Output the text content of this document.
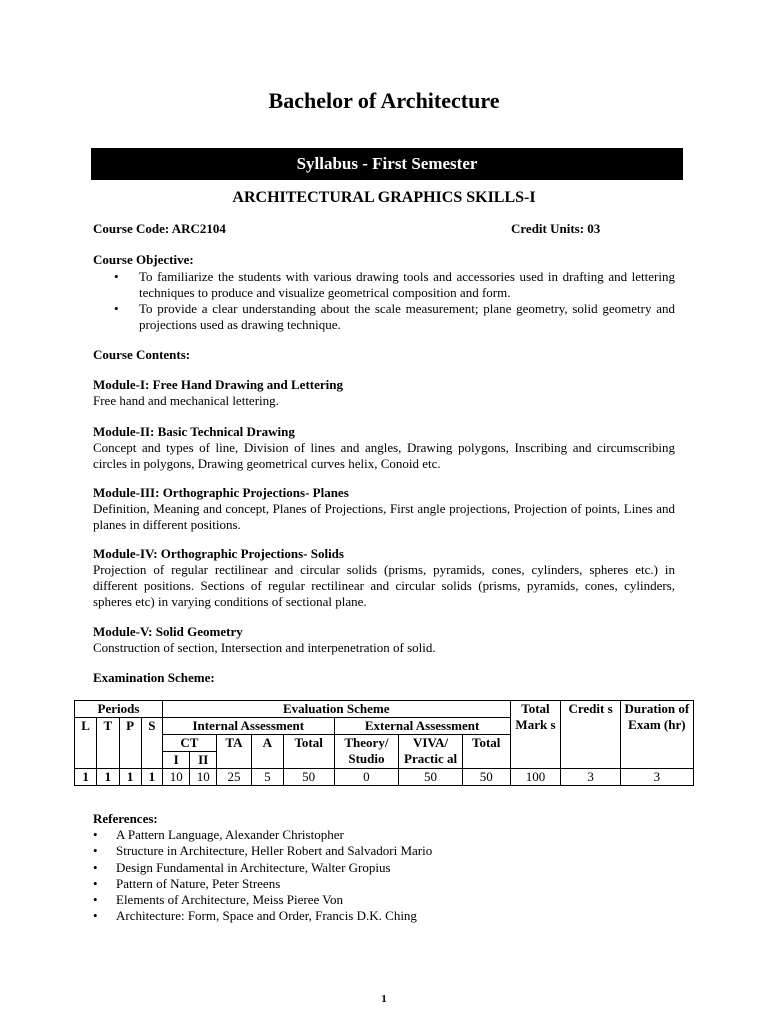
Bachelor of Architecture
Syllabus - First Semester
ARCHITECTURAL GRAPHICS SKILLS-I
Course Code: ARC2104	Credit Units: 03
Course Objective:
• To familiarize the students with various drawing tools and accessories used in drafting and lettering techniques to produce and visualize geometrical composition and form.
• To provide a clear understanding about the scale measurement; plane geometry, solid geometry and projections used as drawing technique.
Course Contents:
Module-I: Free Hand Drawing and Lettering
Free hand and mechanical lettering.
Module-II: Basic Technical Drawing
Concept and types of line, Division of lines and angles, Drawing polygons, Inscribing and circumscribing circles in polygons, Drawing geometrical curves helix, Conoid etc.
Module-III: Orthographic Projections- Planes
Definition, Meaning and concept, Planes of Projections, First angle projections, Projection of points, Lines and planes in different positions.
Module-IV: Orthographic Projections- Solids
Projection of regular rectilinear and circular solids (prisms, pyramids, cones, cylinders, spheres etc.) in different positions. Sections of regular rectilinear and circular solids (prisms, pyramids, cones, cylinders, spheres etc) in varying conditions of sectional plane.
Module-V: Solid Geometry
Construction of section, Intersection and interpenetration of solid.
Examination Scheme:
Periods				Evaluation Scheme								Total Mark s	Credit s	Duration of Exam (hr)
L	T	P	S	Internal Assessment					External Assessment					
				CT		TA	A	Total	Theory/ Studio	VIVA/ Practic al	Total			
				I	II									
1	1	1	1	10	10	25	5	50	0	50	50	100	3	3
References:
• A Pattern Language, Alexander Christopher
• Structure in Architecture, Heller Robert and Salvadori Mario
• Design Fundamental in Architecture, Walter Gropius
• Pattern of Nature, Peter Streens
• Elements of Architecture, Meiss Pieree Von
• Architecture: Form, Space and Order, Francis D.K. Ching
1
